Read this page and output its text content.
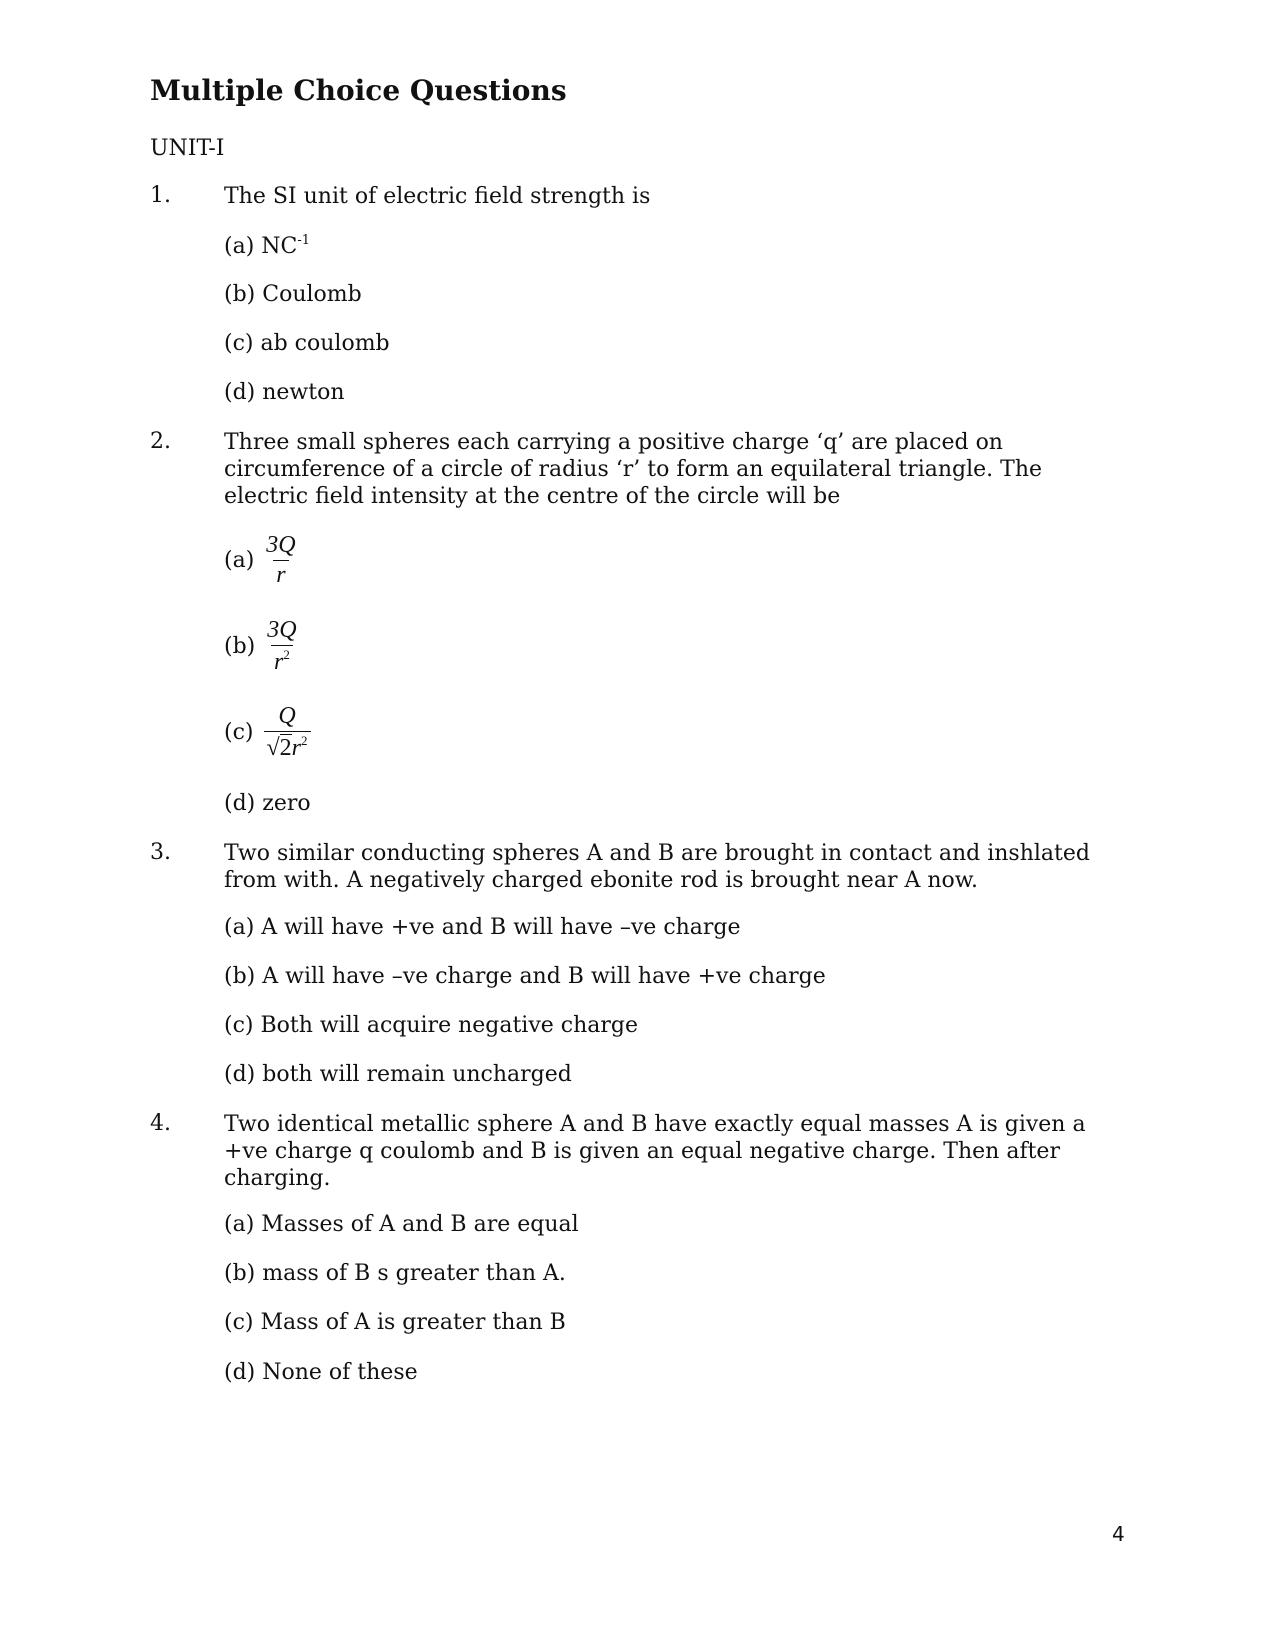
Multiple Choice Questions
UNIT-I
1.	The SI unit of electric field strength is
(a) $NC^{-1}$
(b) Coulomb
(c) ab coulomb
(d) newton
2.	Three small spheres each carrying a positive charge ‘q’ are placed on circumference of a circle of radius ‘r’ to form an equilateral triangle. The electric field intensity at the centre of the circle will be
$(a) \frac{3Q}{r}$
$(b) \frac{3Q}{r^2}$
$(c) \frac{Q}{√2r^2}$
(d) zero
3.	Two similar conducting spheres A and B are brought in contact and inshlated from with. A negatively charged ebonite rod is brought near A now.
(a) A will have +ve and B will have –ve charge
(b) A will have –ve charge and B will have +ve charge
(c) Both will acquire negative charge
(d) both will remain uncharged
4.	Two identical metallic sphere A and B have exactly equal masses A is given a +ve charge q coulomb and B is given an equal negative charge. Then after charging.
(a) Masses of A and B are equal
(b) mass of B s greater than A.
(c) Mass of A is greater than B
(d) None of these
4
